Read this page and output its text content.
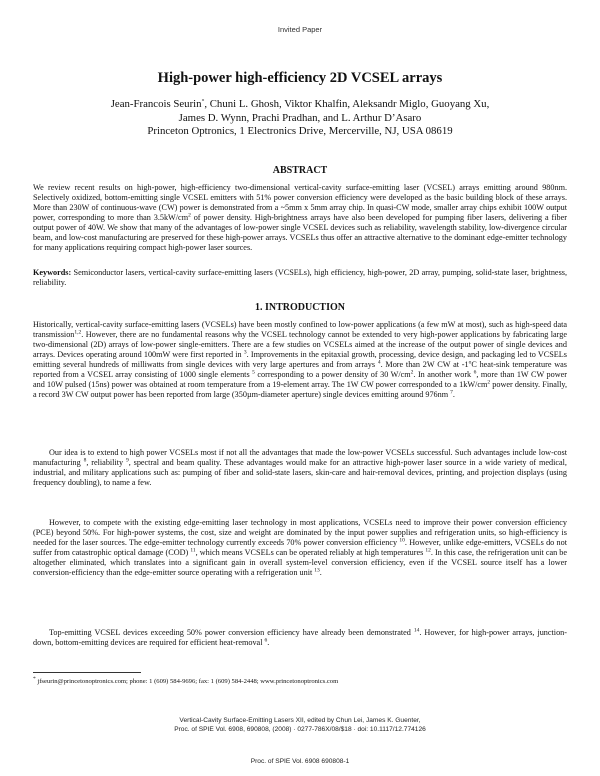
Invited Paper
High-power high-efficiency 2D VCSEL arrays
Jean-Francois Seurin*, Chuni L. Ghosh, Viktor Khalfin, Aleksandr Miglo, Guoyang Xu,
James D. Wynn, Prachi Pradhan, and L. Arthur D’Asaro
Princeton Optronics, 1 Electronics Drive, Mercerville, NJ, USA 08619
ABSTRACT

We review recent results on high-power, high-efficiency two-dimensional vertical-cavity surface-emitting laser (VCSEL) arrays emitting around 980nm. Selectively oxidized, bottom-emitting single VCSEL emitters with 51% power conversion efficiency were developed as the basic building block of these arrays. More than 230W of continuous-wave (CW) power is demonstrated from a ~5mm x 5mm array chip. In quasi-CW mode, smaller array chips exhibit 100W output power, corresponding to more than $3.5kW/cm^2$ of power density. High-brightness arrays have also been developed for pumping fiber lasers, delivering a fiber output power of 40W. We show that many of the advantages of low-power single VCSEL devices such as reliability, wavelength stability, low-divergence circular beam, and low-cost manufacturing are preserved for these high-power arrays. VCSELs thus offer an attractive alternative to the dominant edge-emitter technology for many applications requiring compact high-power laser sources.

Keywords: Semiconductor lasers, vertical-cavity surface-emitting lasers (VCSELs), high efficiency, high-power, 2D array, pumping, solid-state laser, brightness, reliability.

1. INTRODUCTION

Historically, vertical-cavity surface-emitting lasers (VCSELs) have been mostly confined to low-power applications (a few mW at most), such as high-speed data transmission$^{1,2}$. However, there are no fundamental reasons why the VCSEL technology cannot be extended to very high-power applications by fabricating large two-dimensional (2D) arrays of low-power single-emitters. There are a few studies on VCSELs aimed at the increase of the output power of single devices and arrays. Devices operating around 100mW were first reported in $^3$. Improvements in the epitaxial growth, processing, device design, and packaging led to VCSELs emitting several hundreds of milliwatts from single devices with very large apertures and from arrays $^4$. More than 2W CW at -1$^o$C heat-sink temperature was reported from a VCSEL array consisting of 1000 single elements $^5$ corresponding to a power density of 30 $W/cm^2$. In another work $^6$, more than 1W CW power and 10W pulsed (15ns) power was obtained at room temperature from a 19-element array. The 1W CW power corresponded to a $1kW/cm^2$ power density. Finally, a record 3W CW output power has been reported from large (350µm-diameter aperture) single devices emitting around 976nm $^7$.

Our idea is to extend to high power VCSELs most if not all the advantages that made the low-power VCSELs successful. Such advantages include low-cost manufacturing $^8$, reliability $^9$, spectral and beam quality. These advantages would make for an attractive high-power laser source in a wide variety of medical, industrial, and military applications such as: pumping of fiber and solid-state lasers, skin-care and hair-removal devices, printing, and projection displays (using frequency doubling), to name a few.

However, to compete with the existing edge-emitting laser technology in most applications, VCSELs need to improve their power conversion efficiency (PCE) beyond 50%. For high-power systems, the cost, size and weight are dominated by the input power supplies and refrigeration units, so high-efficiency is needed for the laser sources. The edge-emitter technology currently exceeds 70% power conversion efficiency $^{10}$. However, unlike edge-emitters, VCSELs do not suffer from catastrophic optical damage (COD) $^{11}$, which means VCSELs can be operated reliably at high temperatures $^{12}$. In this case, the refrigeration unit can be altogether eliminated, which translates into a significant gain in overall system-level conversion efficiency, even if the VCSEL source itself has a lower conversion-efficiency than the edge-emitter source operating with a refrigeration unit $^{13}$.

Top-emitting VCSEL devices exceeding 50% power conversion efficiency have already been demonstrated $^{14}$. However, for high-power arrays, junction-down, bottom-emitting devices are required for efficient heat-removal $^6$.

* jfseurin@princetonoptronics.com; phone: 1 (609) 584-9696; fax: 1 (609) 584-2448; www.princetonoptronics.com
Vertical-Cavity Surface-Emitting Lasers XII, edited by Chun Lei, James K. Guenter,
Proc. of SPIE Vol. 6908, 690808, (2008) · 0277-786X/08/$18 · doi: 10.1117/12.774126
Proc. of SPIE Vol. 6908 690808-1
